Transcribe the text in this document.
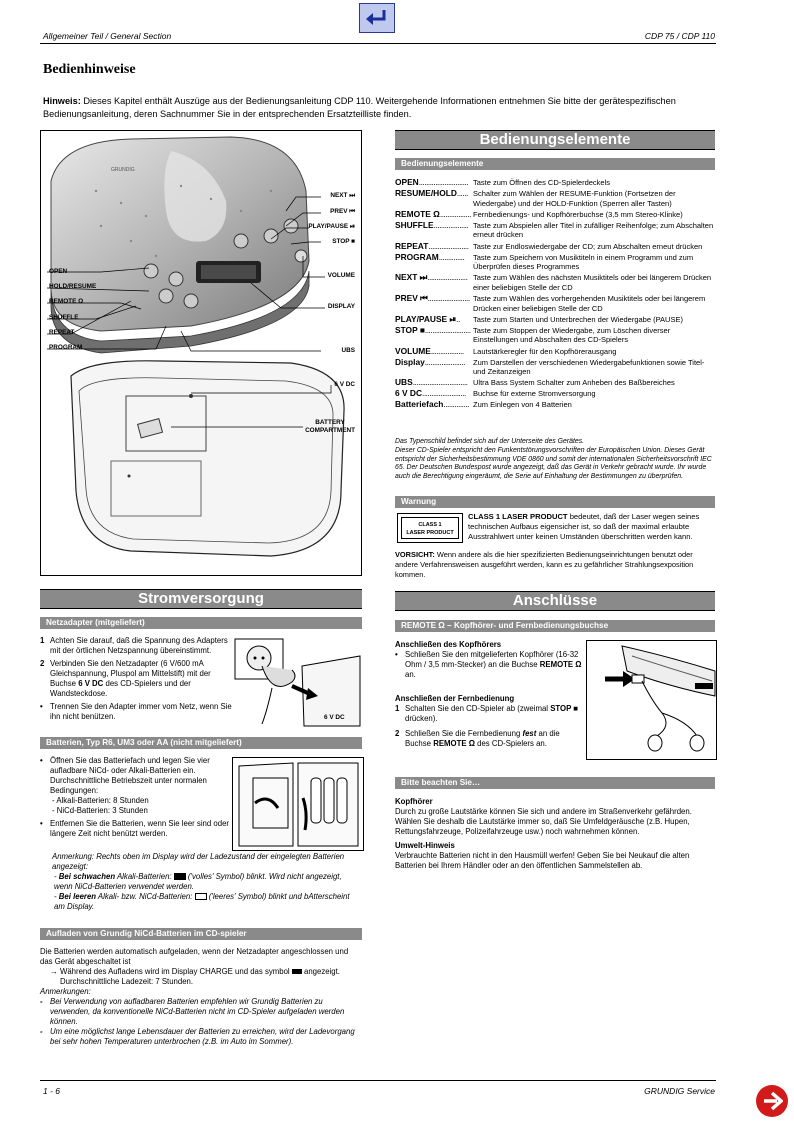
Allgemeiner Teil / General Section	CDP 75 / CDP 110
Bedienhinweise
Hinweis: Dieses Kapitel enthält Auszüge aus der Bedienungsanleitung CDP 110. Weitergehende Informationen entnehmen Sie bitte der gerätespezifischen Bedienungsanleitung, deren Sachnummer Sie in der entsprechenden Ersatzteilliste finden.
GRUNDIG
NEXT ⏭
PREV ⏮
PLAY/PAUSE ⏯
STOP ■
OPEN
HOLD/RESUME
REMOTE Ω
SHUFFLE
REPEAT
PROGRAM
VOLUME
DISPLAY
UBS
6 V DC
BATTERY
COMPARTMENT
Bedienungselemente
Bedienungselemente
OPEN........................... Taste zum Öffnen des CD-Spielerdeckels
RESUME/HOLD...... Schalter zum Wählen der RESUME-Funktion (Fortsetzen der Wiedergabe) und der HOLD-Funktion (Sperren aller Tasten)
REMOTE Ω................. Fernbedienungs- und Kopfhörerbuchse (3,5 mm Stereo-Klinke)
SHUFFLE................... Taste zum Abspielen aller Titel in zufälliger Reihenfolge; zum Abschalten erneut drücken
REPEAT...................... Taste zur Endloswiedergabe der CD; zum Abschalten erneut drücken
PROGRAM..............	Taste zum Speichern von Musiktiteln in einem Programm und zum Überprüfen dieses Programmes
NEXT ⏭...................... Taste zum Wählen des nächsten Musiktitels oder bei längerem Drücken einer beliebigen Stelle der CD
PREV ⏮....................... Taste zum Wählen des vorhergehenden Musiktitels oder bei längerem Drücken einer beliebigen Stelle der CD
PLAY/PAUSE ⏯..	Taste zum Starten und Unterbrechen der Wiedergabe (PAUSE)
STOP ■......................... Taste zum Stoppen der Wiedergabe, zum Löschen diverser Einstellungen und Abschalten des CD-Spielers
VOLUME..................	Lautstärkeregler für den Kopfhörerausgang
Display......................	Zum Darstellen der verschiedenen Wiedergabefunktionen sowie Titel- und Zeitanzeigen
UBS.............................. Ultra Bass System Schalter zum Anheben des Baßbereiches
6 V DC........................ Buchse für externe Stromversorgung
Batteriefach.............. Zum Einlegen von 4 Batterien
Das Typenschild befindet sich auf der Unterseite des Gerätes.
Dieser CD-Spieler entspricht den Funkentstörungsvorschriften der Europäischen Union. Dieses Gerät entspricht der Sicherheitsbestimmung VDE 0860 und somit der internationalen Sicherheitsvorschrift IEC 65. Der Deutschen Bundespost wurde angezeigt, daß das Gerät in Verkehr gebracht wurde. Ihr wurde auch die Berechtigung eingeräumt, die Serie auf Einhaltung der Bestimmungen zu überprüfen.
Warnung
CLASS 1
LASER PRODUCT
CLASS 1 LASER PRODUCT bedeutet, daß der Laser wegen seines technischen Aufbaus eigensicher ist, so daß der maximal erlaubte Ausstrahlwert unter keinen Umständen überschritten werden kann.
VORSICHT: Wenn andere als die hier spezifizierten Bedienungseinrichtungen benutzt oder andere Verfahrensweisen ausgeführt werden, kann es zu gefährlicher Strahlungsexposition kommen.
Stromversorgung
Netzadapter (mitgeliefert)
1 Achten Sie darauf, daß die Spannung des Adapters mit der örtlichen Netzspannung übereinstimmt.
2 Verbinden Sie den Netzadapter (6 V/600 mA Gleichspannung, Pluspol am Mittelstift) mit der Buchse 6 V DC des CD-Spielers und der Wandsteckdose.
• Trennen Sie den Adapter immer vom Netz, wenn Sie ihn nicht benützen.	6 V DC
Batterien, Typ R6, UM3 oder AA (nicht mitgeliefert)
• Öffnen Sie das Batteriefach und legen Sie vier aufladbare NiCd- oder Alkali-Batterien ein. Durchschnittliche Betriebszeit unter normalen Bedingungen:
- Alkali-Batterien: 8 Stunden
- NiCd-Batterien: 3 Stunden
• Entfernen Sie die Batterien, wenn Sie leer sind oder längere Zeit nicht benützt werden.
Anmerkung: Rechts oben im Display wird der Ladezustand der eingelegten Batterien angezeigt:
- Bei schwachen Alkali-Batterien:  ('volles' Symbol) blinkt. Wird nicht angezeigt, wenn NiCd-Batterien verwendet werden.
- Bei leeren Alkali- bzw. NiCd-Batterien:  ('leeres' Symbol) blinkt und bAtterscheint am Display.
Aufladen von Grundig NiCd-Batterien im CD-spieler
Die Batterien werden automatisch aufgeladen, wenn der Netzadapter angeschlossen und das Gerät abgeschaltet ist
→ Während des Aufladens wird im Display CHARGE und das symbol  angezeigt.
Durchschnittliche Ladezeit: 7 Stunden.
Anmerkungen:
- Bei Verwendung von aufladbaren Batterien empfehlen wir Grundig Batterien zu verwenden, da konventionelle NiCd-Batterien nicht im CD-Spieler aufgeladen werden können.
- Um eine möglichst lange Lebensdauer der Batterien zu erreichen, wird der Ladevorgang bei sehr hohen Temperaturen unterbrochen (z.B. im Auto im Sommer).
Anschlüsse
REMOTE Ω – Kopfhörer- und Fernbedienungsbuchse
Anschließen des Kopfhörers
• Schließen Sie den mitgelieferten Kopfhörer (16-32 Ohm / 3,5 mm-Stecker) an die Buchse REMOTE Ω an.
Anschließen der Fernbedienung
1 Schalten Sie den CD-Spieler ab (zweimal STOP ■ drücken).
2 Schließen Sie die Fernbedienung fest an die Buchse REMOTE Ω des CD-Spielers an.
Bitte beachten Sie…
Kopfhörer
Durch zu große Lautstärke können Sie sich und andere im Straßenverkehr gefährden. Wählen Sie deshalb die Lautstärke immer so, daß Sie Umfeldgeräusche (z.B. Hupen, Rettungsfahrzeuge, Polizeifahrzeuge usw.) noch wahrnehmen können.
Umwelt-Hinweis
Verbrauchte Batterien nicht in den Hausmüll werfen! Geben Sie bei Neukauf die alten Batterien bei Ihrem Händler oder an den öffentlichen Sammelstellen ab.
1 - 6	GRUNDIG Service
